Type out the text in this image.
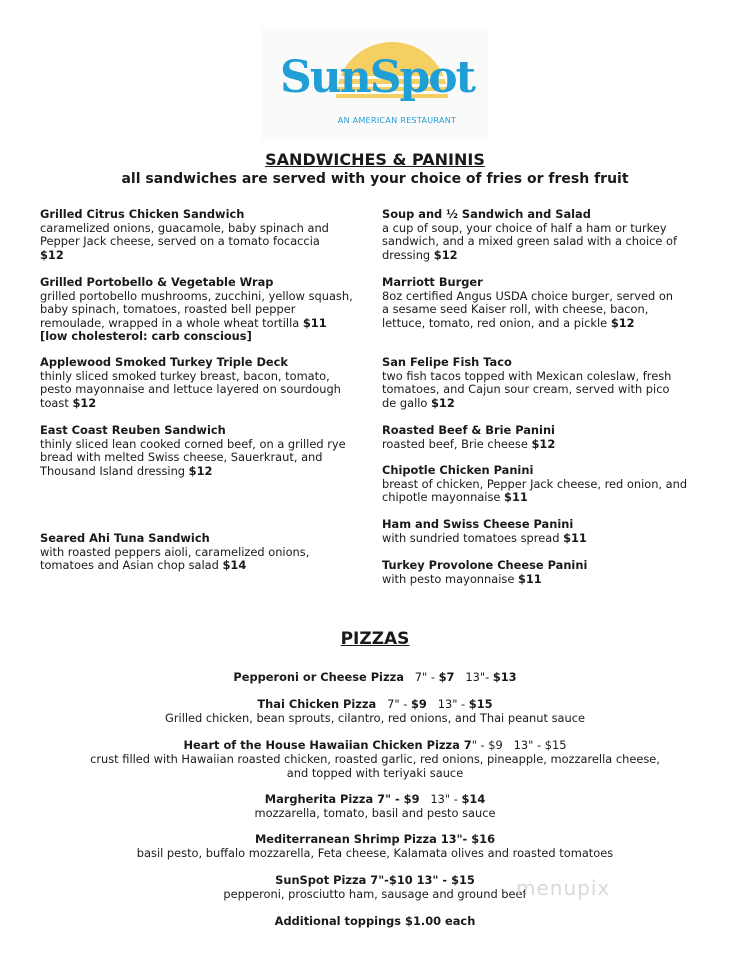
SunSpot
AN AMERICAN RESTAURANT
SANDWICHES & PANINIS
all sandwiches are served with your choice of fries or fresh fruit
Grilled Citrus Chicken Sandwich
caramelized onions, guacamole, baby spinach and Pepper Jack cheese, served on a tomato focaccia $12
Grilled Portobello & Vegetable Wrap
grilled portobello mushrooms, zucchini, yellow squash, baby spinach, tomatoes, roasted bell pepper remoulade, wrapped in a whole wheat tortilla $11
[low cholesterol: carb conscious]
Applewood Smoked Turkey Triple Deck
thinly sliced smoked turkey breast, bacon, tomato, pesto mayonnaise and lettuce layered on sourdough toast $12
East Coast Reuben Sandwich
thinly sliced lean cooked corned beef, on a grilled rye bread with melted Swiss cheese, Sauerkraut, and Thousand Island dressing $12
Seared Ahi Tuna Sandwich
with roasted peppers aioli, caramelized onions, tomatoes and Asian chop salad $14
Soup and ½ Sandwich and Salad
a cup of soup, your choice of half a ham or turkey sandwich, and a mixed green salad with a choice of dressing $12
Marriott Burger
8oz certified Angus USDA choice burger, served on a sesame seed Kaiser roll, with cheese, bacon, lettuce, tomato, red onion, and a pickle $12
San Felipe Fish Taco
two fish tacos topped with Mexican coleslaw, fresh tomatoes, and Cajun sour cream, served with pico de gallo $12
Roasted Beef & Brie Panini
roasted beef, Brie cheese $12
Chipotle Chicken Panini
breast of chicken, Pepper Jack cheese, red onion, and chipotle mayonnaise $11
Ham and Swiss Cheese Panini
with sundried tomatoes spread $11
Turkey Provolone Cheese Panini
with pesto mayonnaise $11
PIZZAS
Pepperoni or Cheese Pizza 7" - $7 13"- $13
Thai Chicken Pizza 7" - $9 13" - $15
Grilled chicken, bean sprouts, cilantro, red onions, and Thai peanut sauce
Heart of the House Hawaiian Chicken Pizza 7" - $9 13" - $15
crust filled with Hawaiian roasted chicken, roasted garlic, red onions, pineapple, mozzarella cheese, and topped with teriyaki sauce
Margherita Pizza 7" - $9 13" - $14
mozzarella, tomato, basil and pesto sauce
Mediterranean Shrimp Pizza 13"- $16
basil pesto, buffalo mozzarella, Feta cheese, Kalamata olives and roasted tomatoes
SunSpot Pizza 7"-$10 13" - $15
pepperoni, prosciutto ham, sausage and ground beef
Additional toppings $1.00 each
menupix
